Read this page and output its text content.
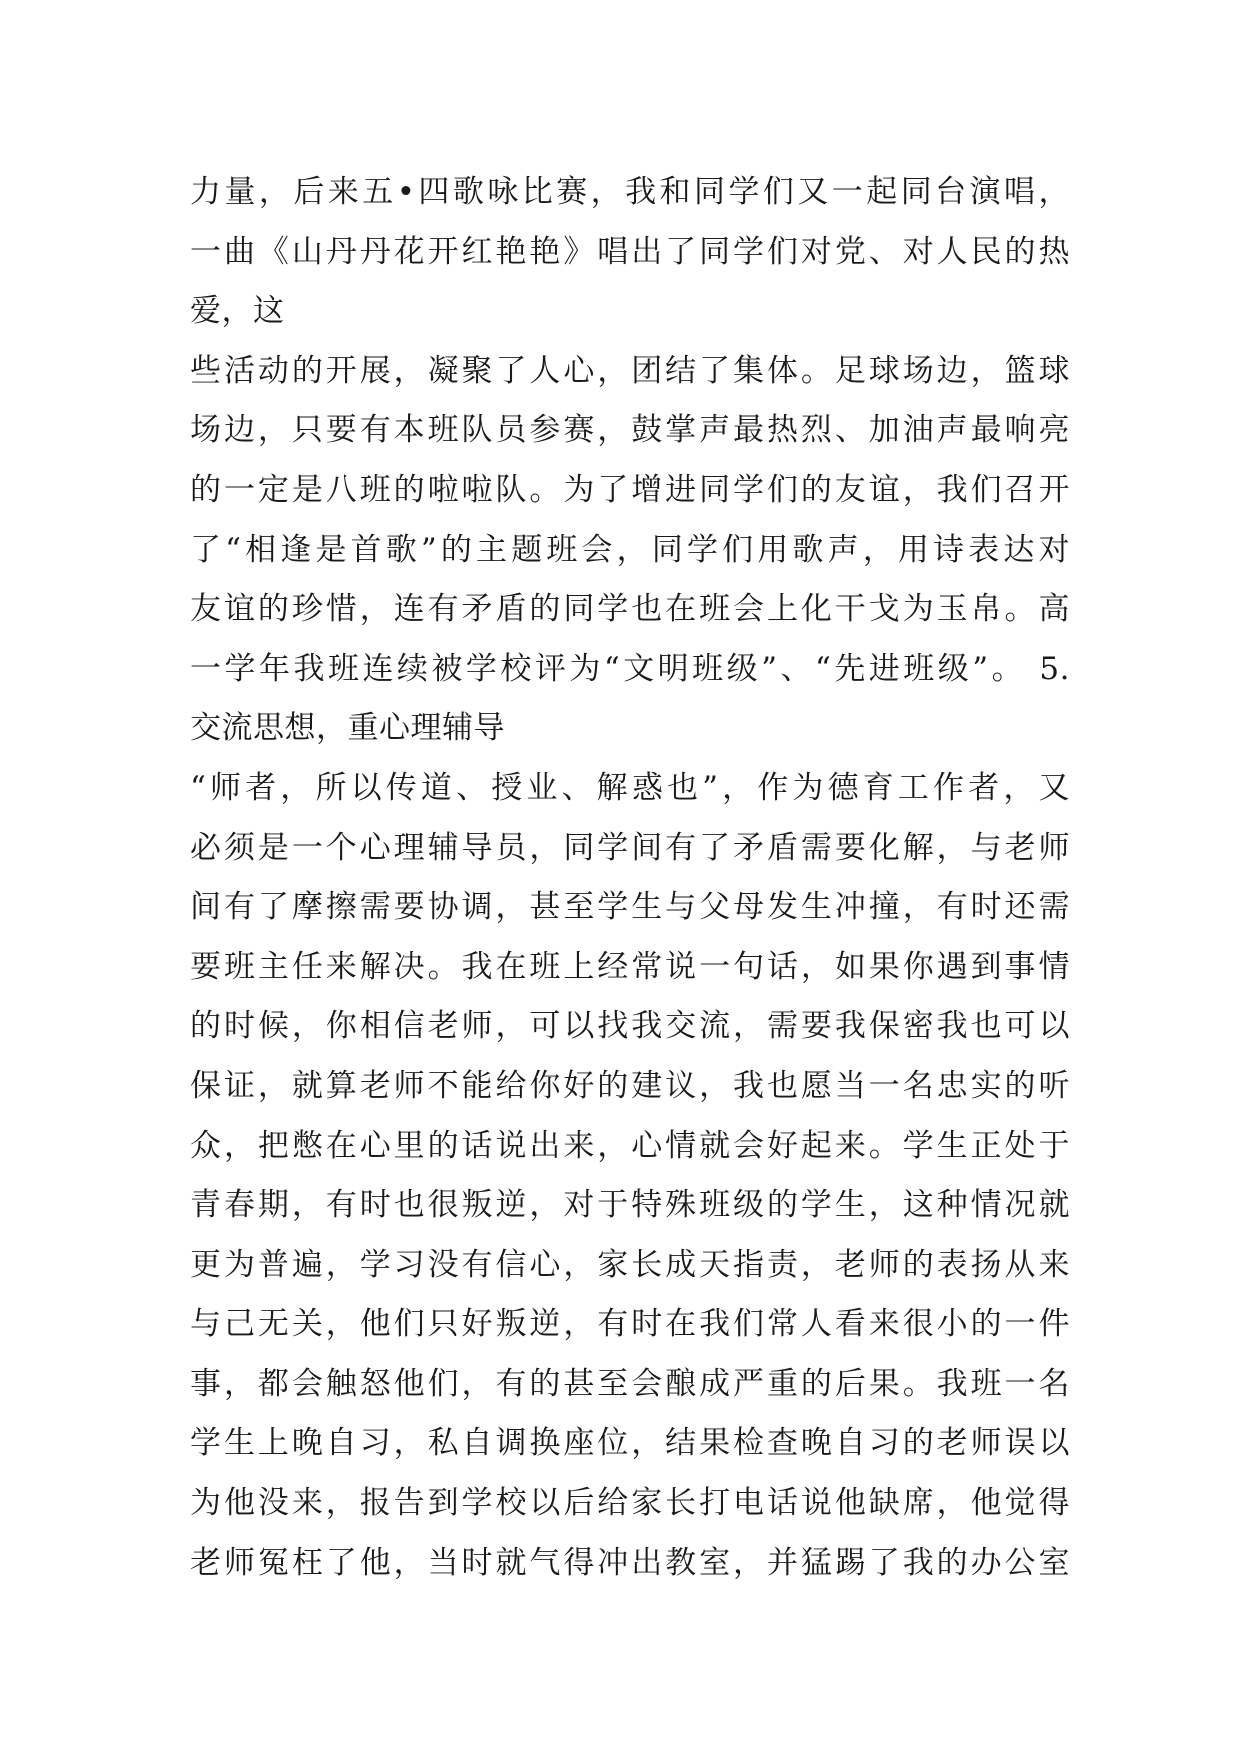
力量，后来五•四歌咏比赛，我和同学们又一起同台演唱，
一曲《山丹丹花开红艳艳》唱出了同学们对党、对人民的热
爱，这
些活动的开展，凝聚了人心，团结了集体。足球场边，篮球
场边，只要有本班队员参赛，鼓掌声最热烈、加油声最响亮
的一定是八班的啦啦队。为了增进同学们的友谊，我们召开
了“相逢是首歌”的主题班会，同学们用歌声，用诗表达对
友谊的珍惜，连有矛盾的同学也在班会上化干戈为玉帛。高
一学年我班连续被学校评为“文明班级”、“先进班级”。 5.
交流思想，重心理辅导
“师者，所以传道、授业、解惑也”，作为德育工作者，又
必须是一个心理辅导员，同学间有了矛盾需要化解，与老师
间有了摩擦需要协调，甚至学生与父母发生冲撞，有时还需
要班主任来解决。我在班上经常说一句话，如果你遇到事情
的时候，你相信老师，可以找我交流，需要我保密我也可以
保证，就算老师不能给你好的建议，我也愿当一名忠实的听
众，把憋在心里的话说出来，心情就会好起来。学生正处于
青春期，有时也很叛逆，对于特殊班级的学生，这种情况就
更为普遍，学习没有信心，家长成天指责，老师的表扬从来
与己无关，他们只好叛逆，有时在我们常人看来很小的一件
事，都会触怒他们，有的甚至会酿成严重的后果。我班一名
学生上晚自习，私自调换座位，结果检查晚自习的老师误以
为他没来，报告到学校以后给家长打电话说他缺席，他觉得
老师冤枉了他，当时就气得冲出教室，并猛踢了我的办公室
